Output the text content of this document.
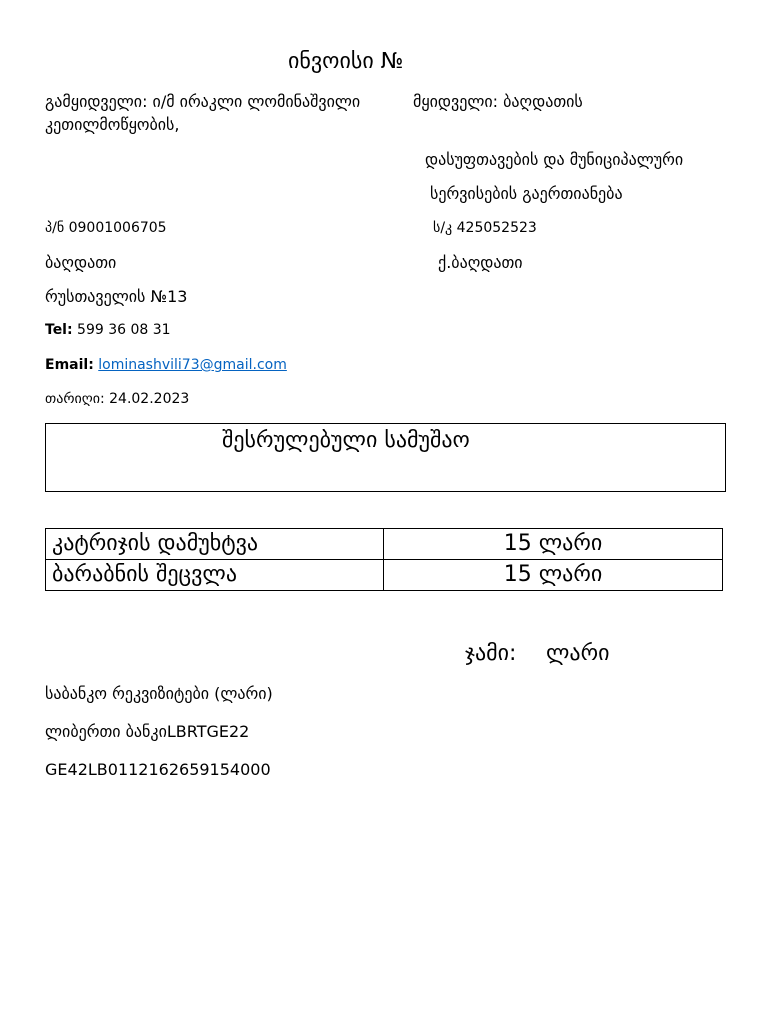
ინვოისი №
გამყიდველი: ი/მ ირაკლი ლომინაშვილი	მყიდველი: ბაღდათის
კეთილმოწყობის,
დასუფთავების და მუნიციპალური
სერვისების გაერთიანება
პ/ნ 09001006705	ს/კ 425052523
ბაღდათი	ქ.ბაღდათი
რუსთაველის №13
Tel: 599 36 08 31
Email: lominashvili73@gmail.com
თარიღი: 24.02.2023
შესრულებული სამუშაო
კატრიჯის დამუხტვა	15 ლარი
ბარაბნის შეცვლა	15 ლარი
ჯამი: ლარი
საბანკო რეკვიზიტები (ლარი)
ლიბერთი ბანკიLBRTGE22
GE42LB0112162659154000
